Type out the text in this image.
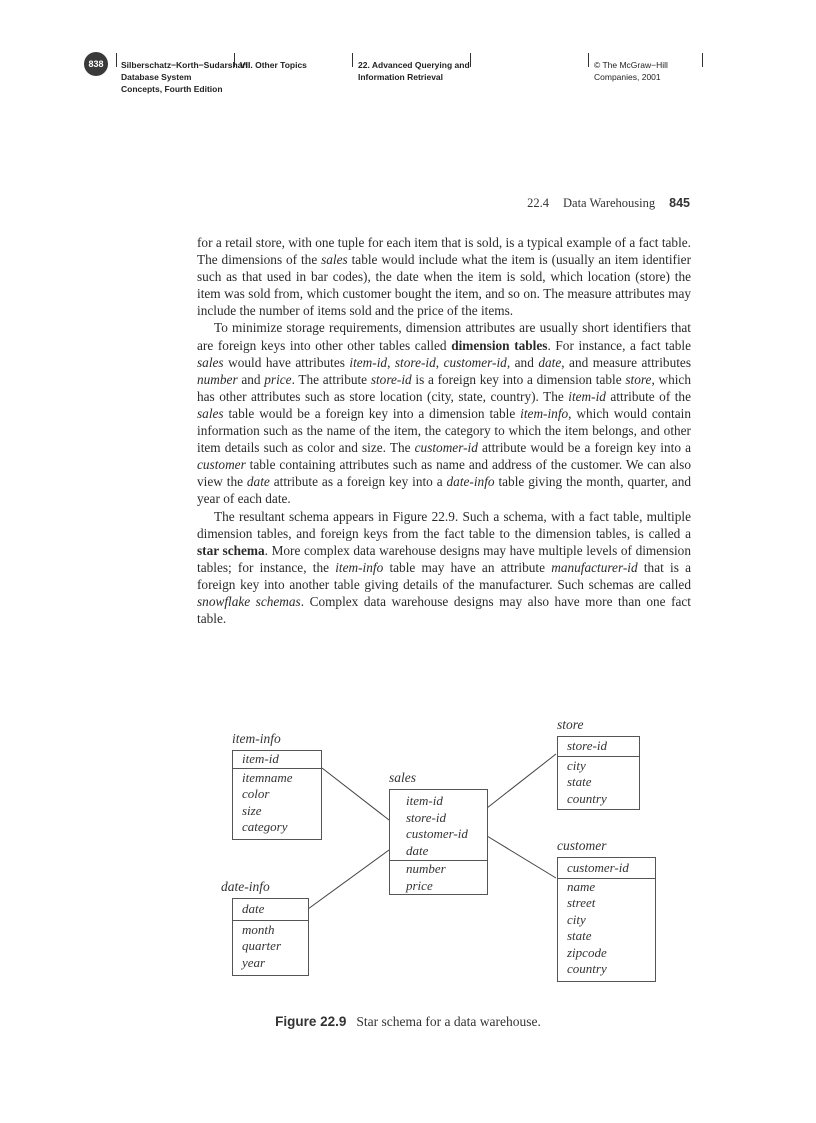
838	Silberschatz−Korth−Sudarshan:
Database System
Concepts, Fourth Edition
VII. Other Topics	22. Advanced Querying and
Information Retrieval
© The McGraw−Hill
Companies, 2001
22.4 Data Warehousing 845

for a retail store, with one tuple for each item that is sold, is a typical example of a fact table. The dimensions of the sales table would include what the item is (usually an item identifier such as that used in bar codes), the date when the item is sold, which location (store) the item was sold from, which customer bought the item, and so on. The measure attributes may include the number of items sold and the price of the items.

To minimize storage requirements, dimension attributes are usually short identifiers that are foreign keys into other other tables called dimension tables. For instance, a fact table sales would have attributes item-id, store-id, customer-id, and date, and measure attributes number and price. The attribute store-id is a foreign key into a dimension table store, which has other attributes such as store location (city, state, country). The item-id attribute of the sales table would be a foreign key into a dimension table item-info, which would contain information such as the name of the item, the category to which the item belongs, and other item details such as color and size. The customer-id attribute would be a foreign key into a customer table containing attributes such as name and address of the customer. We can also view the date attribute as a foreign key into a date-info table giving the month, quarter, and year of each date.

The resultant schema appears in Figure 22.9. Such a schema, with a fact table, multiple dimension tables, and foreign keys from the fact table to the dimension tables, is called a star schema. More complex data warehouse designs may have multiple levels of dimension tables; for instance, the item-info table may have an attribute manufacturer-id that is a foreign key into another table giving details of the manufacturer. Such schemas are called snowflake schemas. Complex data warehouse designs may also have more than one fact table.

item-info
item-id
itemname
color
size
category
date-info
date
month
quarter
year
sales
item-id
store-id
customer-id
date
number
price
store
store-id
city
state
country
customer
customer-id
name
street
city
state
zipcode
country
Figure 22.9 Star schema for a data warehouse.
